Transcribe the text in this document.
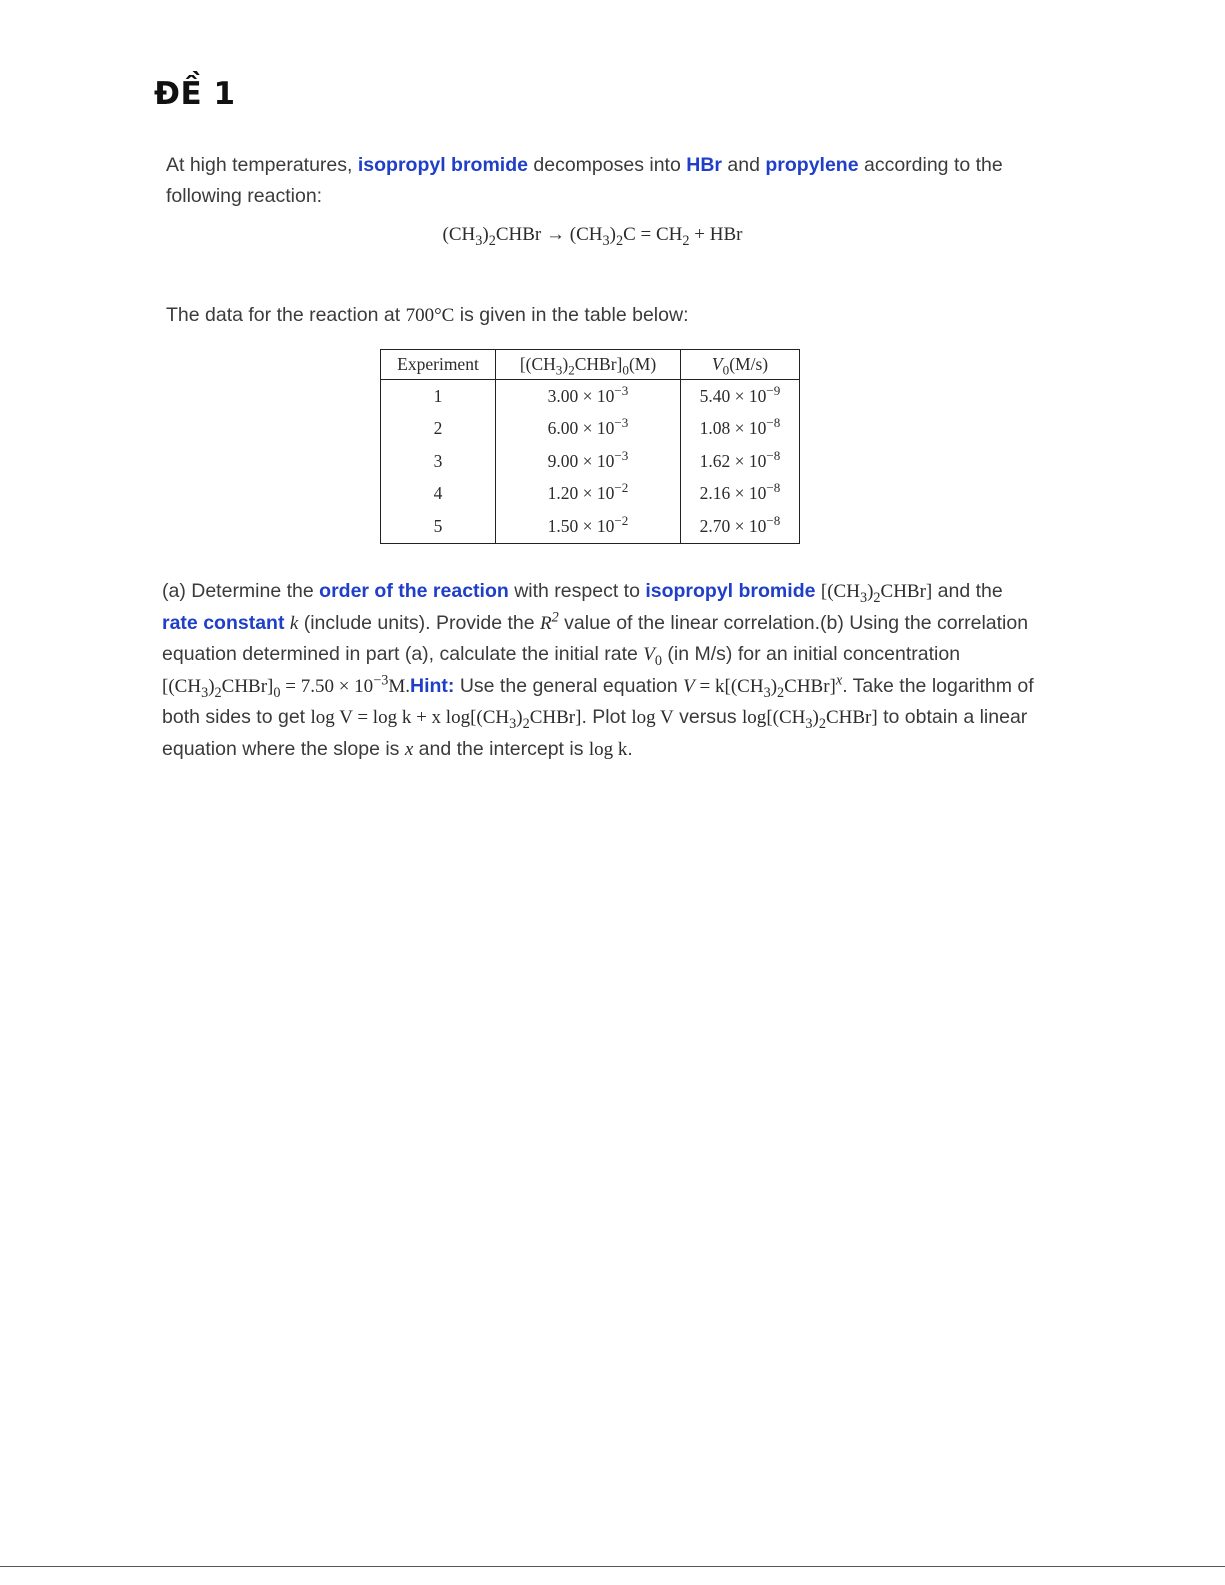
ĐỀ 1

At high temperatures, isopropyl bromide decomposes into HBr and propylene according to the following reaction:

$(CH_3)_2CHBr \to (CH_3)_2C = CH_2$ + HBr

The data for the reaction at 700°C is given in the table below:

Experiment	$[(CH_3)_2CHBr]_0(M)$	$V_0(M/s)$
1	$3.00 \times 10^{-3}$	$5.40 \times 10^{-9}$
2	$6.00 \times 10^{-3}$	$1.08 \times 10^{-8}$
3	$9.00 \times 10^{-3}$	$1.62 \times 10^{-8}$
4	$1.20 \times 10^{-2}$	$2.16 \times 10^{-8}$
5	$1.50 \times 10^{-2}$	$2.70 \times 10^{-8}$

(a) Determine the order of the reaction with respect to isopropyl bromide $[(CH_3)_2CHBr]$ and the rate constant k (include units). Provide the $R^2$ value of the linear correlation.(b) Using the correlation equation determined in part (a), calculate the initial rate $V_0$ (in M/s) for an initial concentration $[(CH_3)_2CHBr]_0 = 7.50$ × $10^{-3}M.Hint$: Use the general equation $V = k[(CH_3)_2CHBr]^x$. Take the logarithm of both sides to get log V = log k + x $\log[(CH_3)_2CHBr]$. Plot log V versus $\log[(CH_3)_2CHBr]$ to obtain a linear equation where the slope is x and the intercept is log k.
